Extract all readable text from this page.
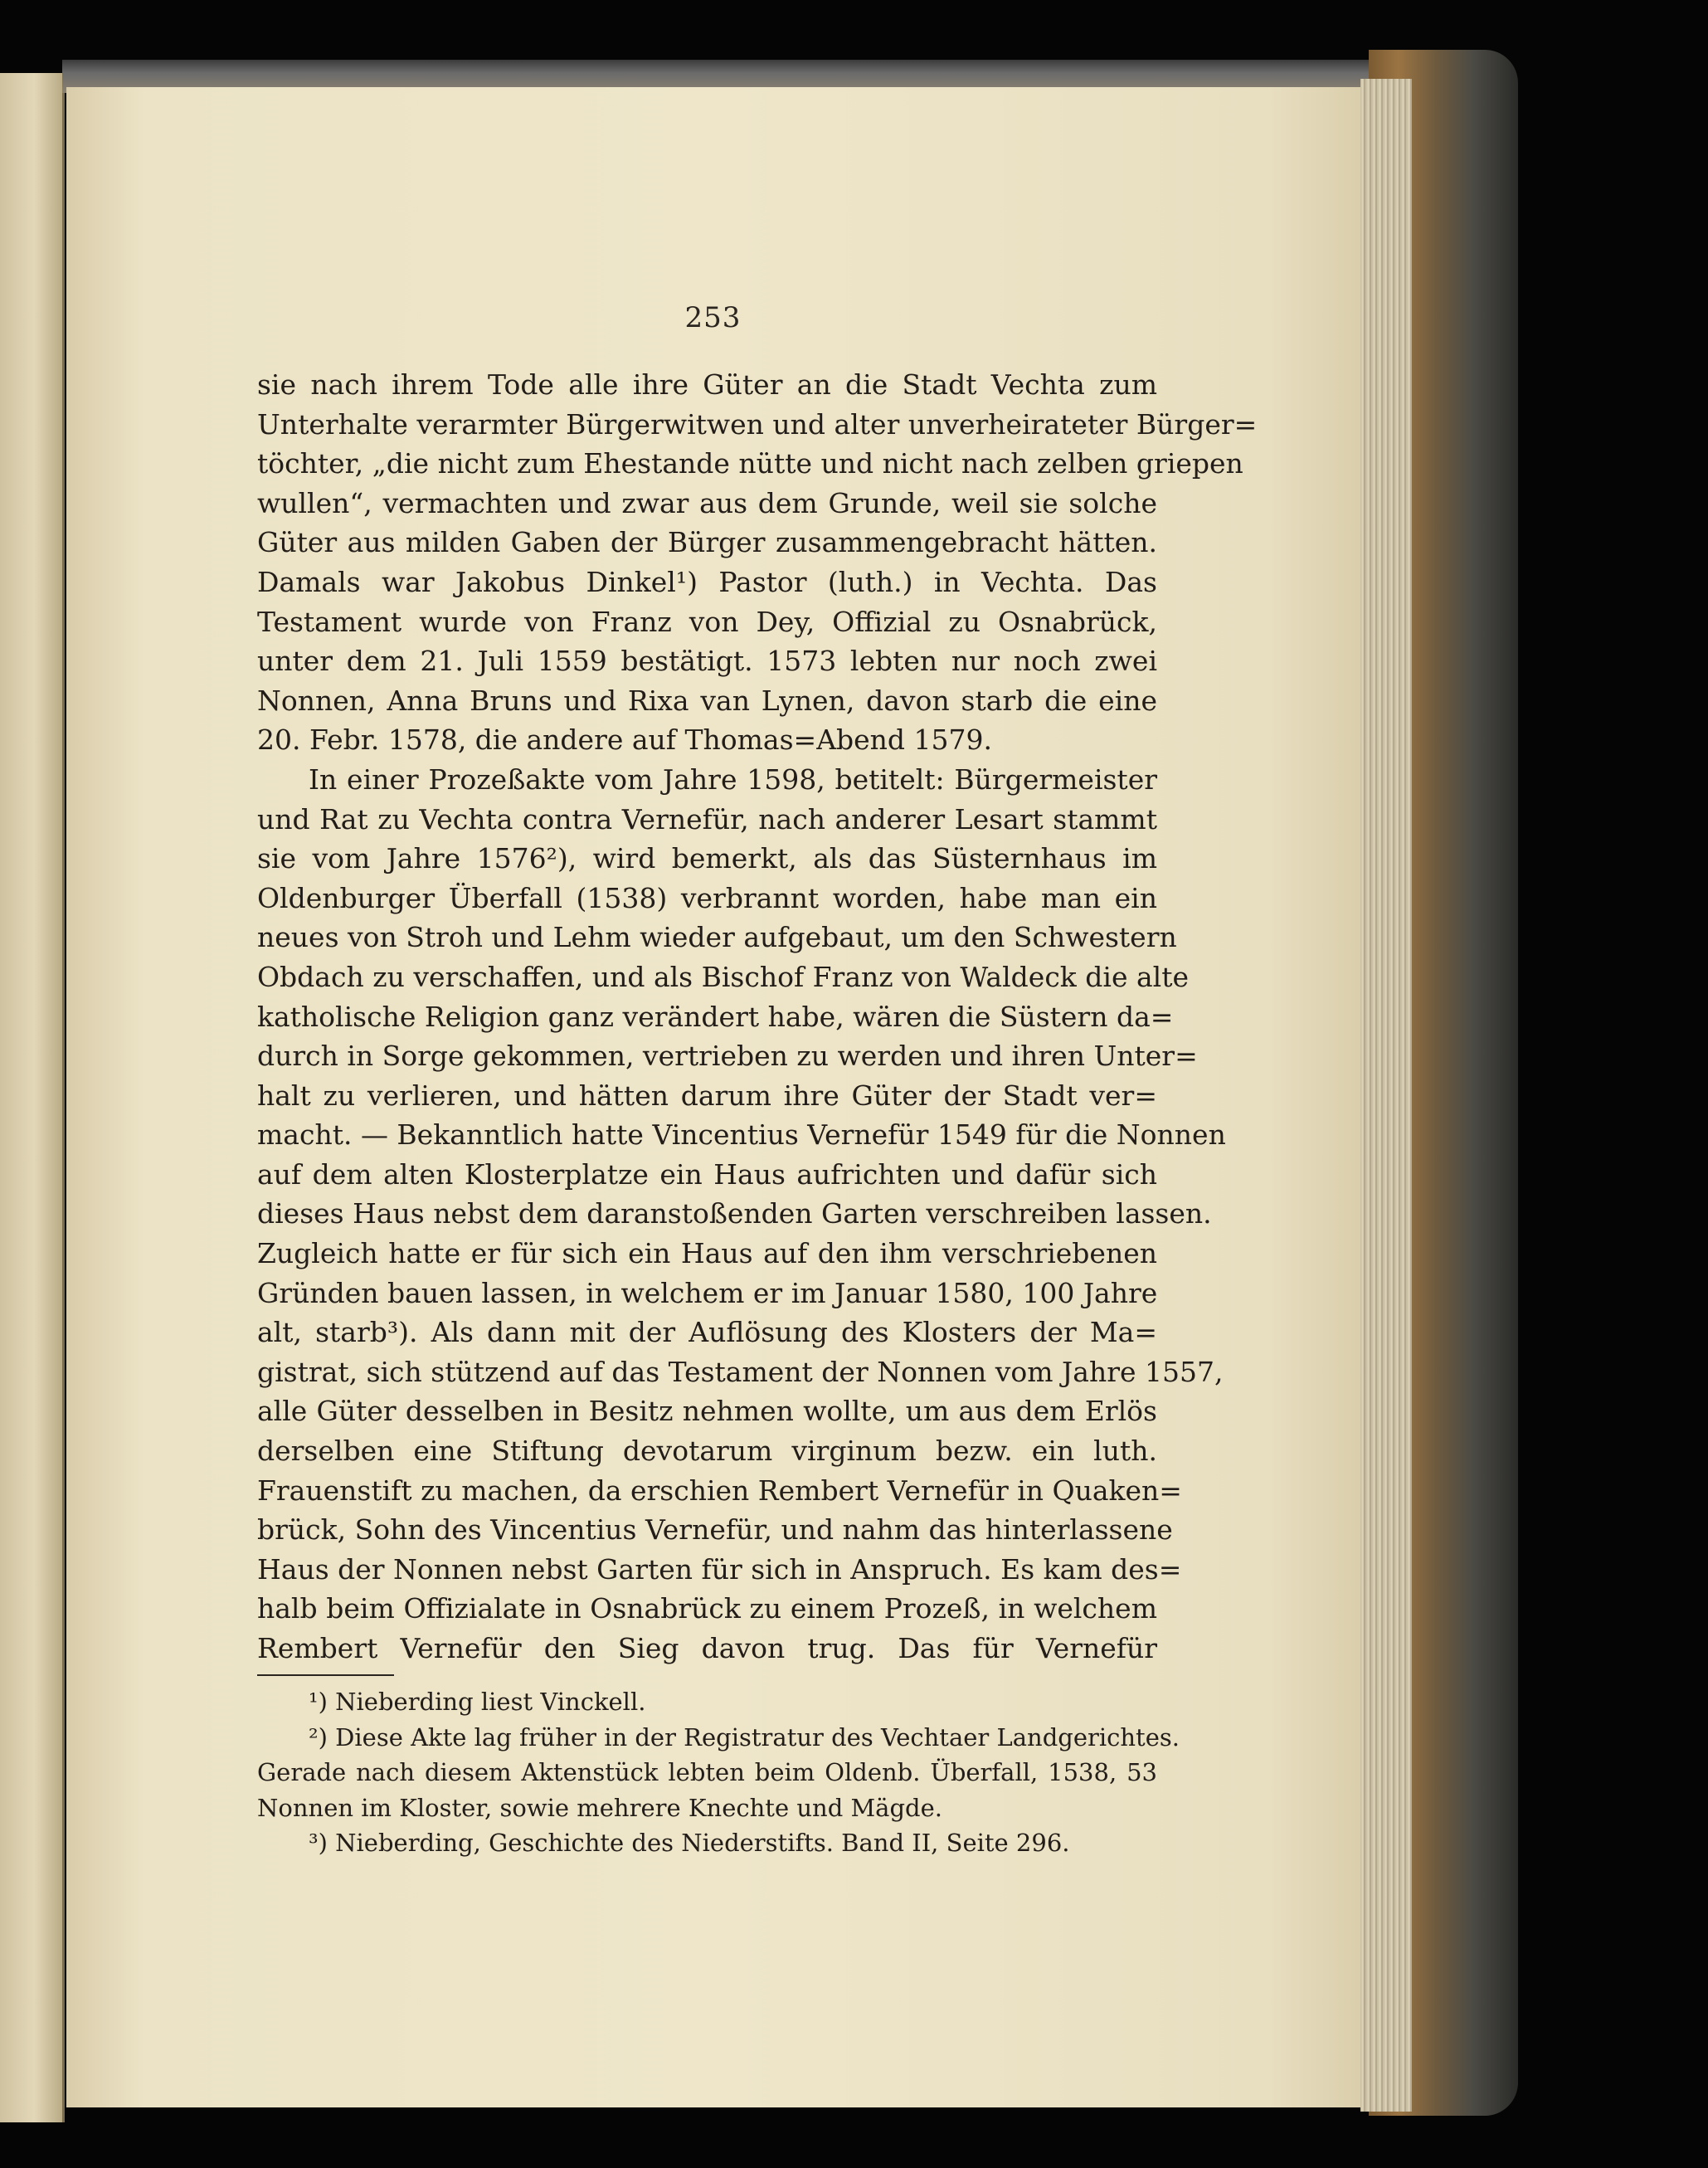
253
sie nach ihrem Tode alle ihre Güter an die Stadt Vechta zum
Unterhalte verarmter Bürgerwitwen und alter unverheirateter Bürger=
töchter, „die nicht zum Ehestande nütte und nicht nach zelben griepen
wullen“, vermachten und zwar aus dem Grunde, weil sie solche
Güter aus milden Gaben der Bürger zusammengebracht hätten.
Damals war Jakobus Dinkel¹) Pastor (luth.) in Vechta. Das
Testament wurde von Franz von Dey, Offizial zu Osnabrück,
unter dem 21. Juli 1559 bestätigt. 1573 lebten nur noch zwei
Nonnen, Anna Bruns und Rixa van Lynen, davon starb die eine
20. Febr. 1578, die andere auf Thomas=Abend 1579.
In einer Prozeßakte vom Jahre 1598, betitelt: Bürgermeister
und Rat zu Vechta contra Vernefür, nach anderer Lesart stammt
sie vom Jahre 1576²), wird bemerkt, als das Süsternhaus im
Oldenburger Überfall (1538) verbrannt worden, habe man ein
neues von Stroh und Lehm wieder aufgebaut, um den Schwestern
Obdach zu verschaffen, und als Bischof Franz von Waldeck die alte
katholische Religion ganz verändert habe, wären die Süstern da=
durch in Sorge gekommen, vertrieben zu werden und ihren Unter=
halt zu verlieren, und hätten darum ihre Güter der Stadt ver=
macht. — Bekanntlich hatte Vincentius Vernefür 1549 für die Nonnen
auf dem alten Klosterplatze ein Haus aufrichten und dafür sich
dieses Haus nebst dem daranstoßenden Garten verschreiben lassen.
Zugleich hatte er für sich ein Haus auf den ihm verschriebenen
Gründen bauen lassen, in welchem er im Januar 1580, 100 Jahre
alt, starb³). Als dann mit der Auflösung des Klosters der Ma=
gistrat, sich stützend auf das Testament der Nonnen vom Jahre 1557,
alle Güter desselben in Besitz nehmen wollte, um aus dem Erlös
derselben eine Stiftung devotarum virginum bezw. ein luth.
Frauenstift zu machen, da erschien Rembert Vernefür in Quaken=
brück, Sohn des Vincentius Vernefür, und nahm das hinterlassene
Haus der Nonnen nebst Garten für sich in Anspruch. Es kam des=
halb beim Offizialate in Osnabrück zu einem Prozeß, in welchem
Rembert Vernefür den Sieg davon trug. Das für Vernefür
¹) Nieberding liest Vinckell.
²) Diese Akte lag früher in der Registratur des Vechtaer Landgerichtes.
Gerade nach diesem Aktenstück lebten beim Oldenb. Überfall, 1538, 53
Nonnen im Kloster, sowie mehrere Knechte und Mägde.
³) Nieberding, Geschichte des Niederstifts. Band II, Seite 296.
